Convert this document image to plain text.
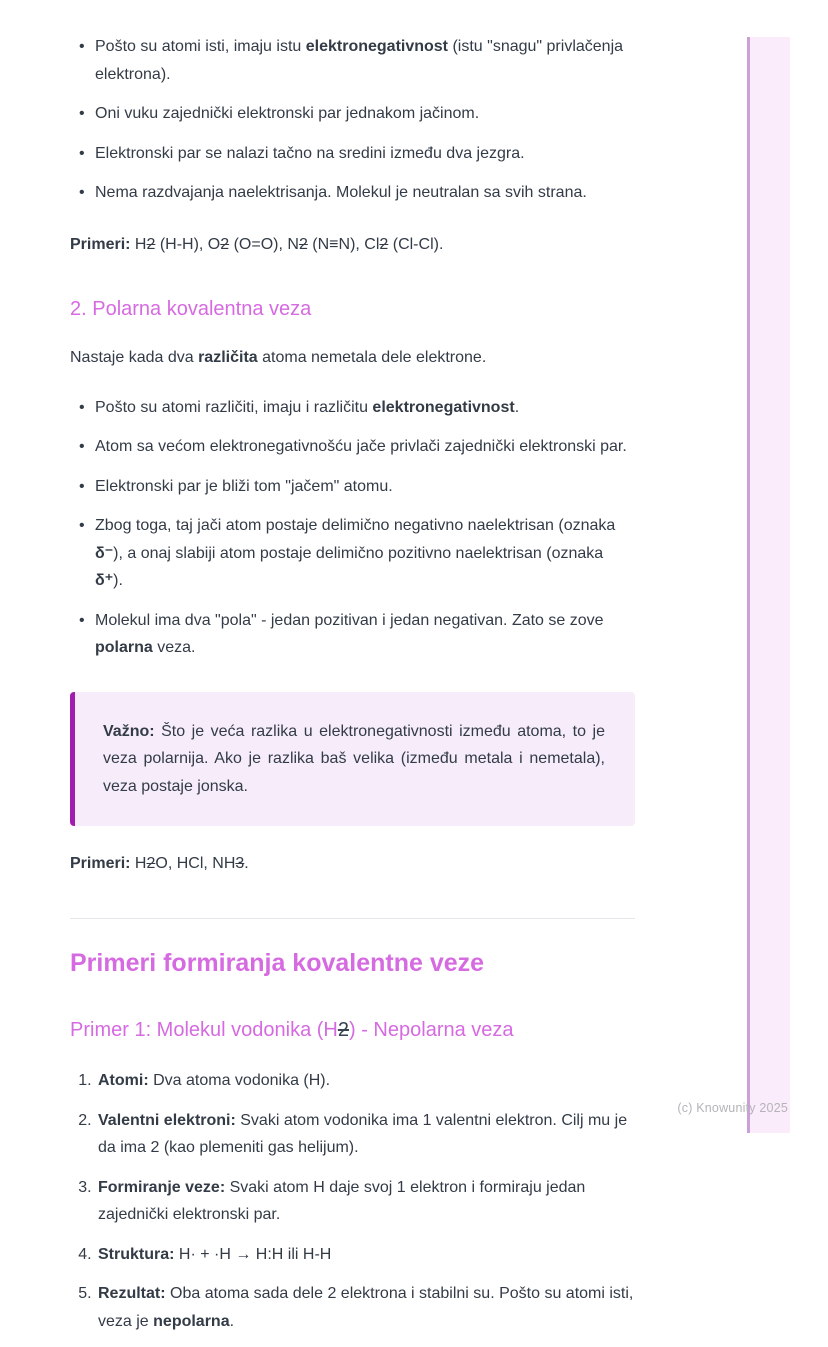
• Pošto su atomi isti, imaju istu elektronegativnost (istu "snagu" privlačenja elektrona).
• Oni vuku zajednički elektronski par jednakom jačinom.
• Elektronski par se nalazi tačno na sredini između dva jezgra.
• Nema razdvajanja naelektrisanja. Molekul je neutralan sa svih strana.

Primeri: H2 (H-H), O2 (O=O), N2 (N≡N), Cl2 (Cl-Cl).

2. Polarna kovalentna veza

Nastaje kada dva različita atoma nemetala dele elektrone.

• Pošto su atomi različiti, imaju i različitu elektronegativnost.
• Atom sa većom elektronegativnošću jače privlači zajednički elektronski par.
• Elektronski par je bliži tom "jačem" atomu.
• Zbog toga, taj jači atom postaje delimično negativno naelektrisan (oznaka δ⁻), a onaj slabiji atom postaje delimično pozitivno naelektrisan (oznaka δ⁺).
• Molekul ima dva "pola" - jedan pozitivan i jedan negativan. Zato se zove polarna veza.

Važno: Što je veća razlika u elektronegativnosti između atoma, to je veza polarnija. Ako je razlika baš velika (između metala i nemetala), veza postaje jonska.

Primeri: H2O, HCl, NH3.

Primeri formiranja kovalentne veze
Primer 1: Molekul vodonika (H2) - Nepolarna veza
1. Atomi: Dva atoma vodonika (H).
2. Valentni elektroni: Svaki atom vodonika ima 1 valentni elektron. Cilj mu je da ima 2 (kao plemeniti gas helijum).
3. Formiranje veze: Svaki atom H daje svoj 1 elektron i formiraju jedan zajednički elektronski par.
4. Struktura: H· + ·H → H:H ili H-H
5. Rezultat: Oba atoma sada dele 2 elektrona i stabilni su. Pošto su atomi isti, veza je nepolarna.
(c) Knowunity 2025
